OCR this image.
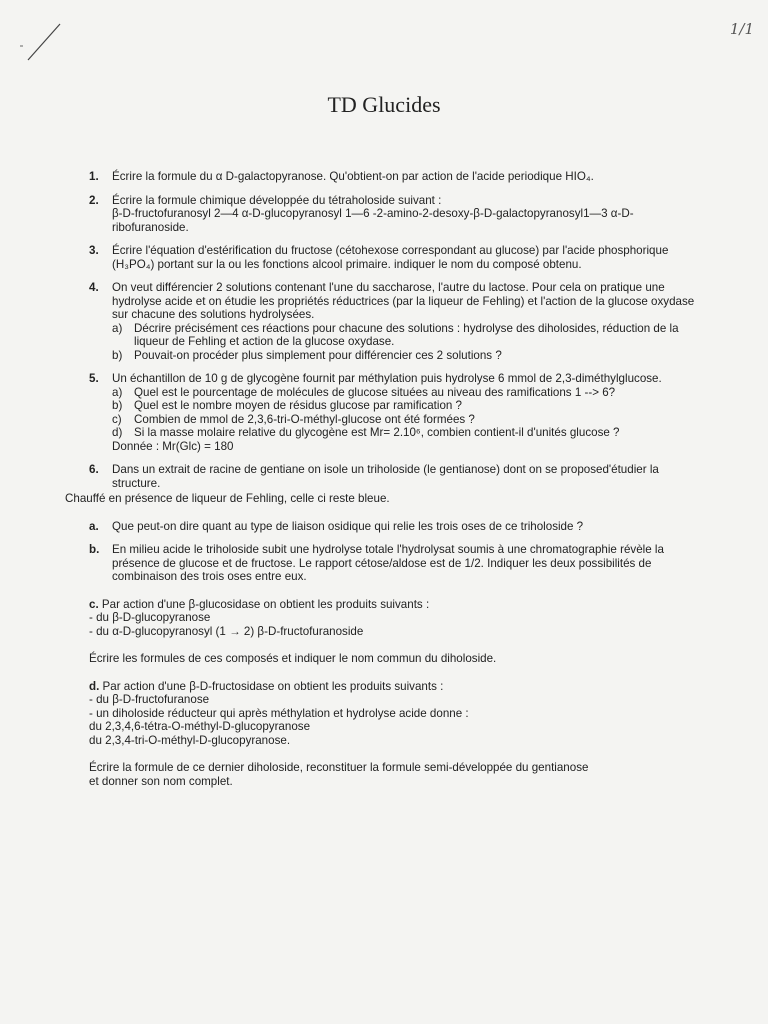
1/1
TD Glucides
1.	Écrire la formule du α D-galactopyranose. Qu'obtient-on par action de l'acide periodique HIO₄.
2.	Écrire la formule chimique développée du tétraholoside suivant :
β-D-fructofuranosyl 2—4 α-D-glucopyranosyl 1—6 -2-amino-2-desoxy-β-D-galactopyranosyl1—3 α-D-ribofuranoside.
3.	Écrire l'équation d'estérification du fructose (cétohexose correspondant au glucose) par l'acide phosphorique (H₃PO₄) portant sur la ou les fonctions alcool primaire. indiquer le nom du composé obtenu.
4.	On veut différencier 2 solutions contenant l'une du saccharose, l'autre du lactose. Pour cela on pratique une hydrolyse acide et on étudie les propriétés réductrices (par la liqueur de Fehling) et l'action de la glucose oxydase sur chacune des solutions hydrolysées.
a)	Décrire précisément ces réactions pour chacune des solutions : hydrolyse des diholosides, réduction de la liqueur de Fehling et action de la glucose oxydase.
b)	Pouvait-on procéder plus simplement pour différencier ces 2 solutions ?
5.	Un échantillon de 10 g de glycogène fournit par méthylation puis hydrolyse 6 mmol de 2,3-diméthylglucose.
a)	Quel est le pourcentage de molécules de glucose situées au niveau des ramifications 1 --> 6?
b)	Quel est le nombre moyen de résidus glucose par ramification ?
c)	Combien de mmol de 2,3,6-tri-O-méthyl-glucose ont été formées ?
d)	Si la masse molaire relative du glycogène est Mr= 2.10⁶, combien contient-il d'unités glucose ?
Donnée : Mr(Glc) = 180
6.	Dans un extrait de racine de gentiane on isole un triholoside (le gentianose) dont on se proposed'étudier la structure.
Chauffé en présence de liqueur de Fehling, celle ci reste bleue.
a.	Que peut-on dire quant au type de liaison osidique qui relie les trois oses de ce triholoside ?
b.	En milieu acide le triholoside subit une hydrolyse totale l'hydrolysat soumis à une chromatographie révèle la présence de glucose et de fructose. Le rapport cétose/aldose est de 1/2. Indiquer les deux possibilités de combinaison des trois oses entre eux.
c. Par action d'une β-glucosidase on obtient les produits suivants :
- du β-D-glucopyranose
- du α-D-glucopyranosyl (1 → 2) β-D-fructofuranoside
Écrire les formules de ces composés et indiquer le nom commun du diholoside.
d. Par action d'une β-D-fructosidase on obtient les produits suivants :
- du β-D-fructofuranose
- un diholoside réducteur qui après méthylation et hydrolyse acide donne :
du 2,3,4,6-tétra-O-méthyl-D-glucopyranose
du 2,3,4-tri-O-méthyl-D-glucopyranose.
Écrire la formule de ce dernier diholoside, reconstituer la formule semi-développée du gentianose
et donner son nom complet.
